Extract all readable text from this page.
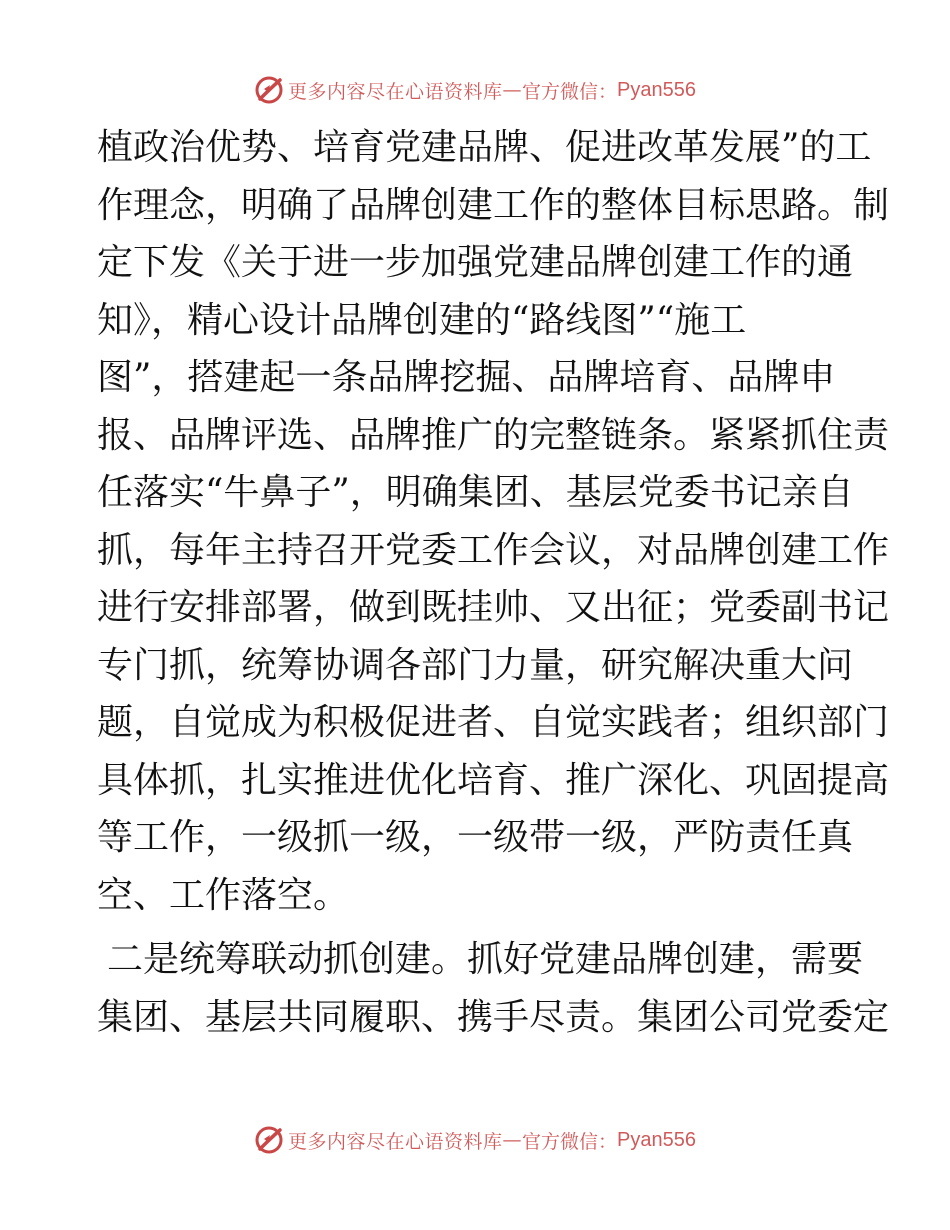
更多内容尽在心语资料库 — 官方微信： Pyan556

植政治优势、培育党建品牌、促进改革发展”的工
作理念，明确了品牌创建工作的整体目标思路。制
定下发《关于进一步加强党建品牌创建工作的通
知》，精心设计品牌创建的“路线图”“施工
图”，搭建起一条品牌挖掘、品牌培育、品牌申
报、品牌评选、品牌推广的完整链条。紧紧抓住责
任落实“牛鼻子”，明确集团、基层党委书记亲自
抓，每年主持召开党委工作会议，对品牌创建工作
进行安排部署，做到既挂帅、又出征；党委副书记
专门抓，统筹协调各部门力量，研究解决重大问
题，自觉成为积极促进者、自觉实践者；组织部门
具体抓，扎实推进优化培育、推广深化、巩固提高
等工作，一级抓一级，一级带一级，严防责任真
空、工作落空。

二是统筹联动抓创建。抓好党建品牌创建，需要
集团、基层共同履职、携手尽责。集团公司党委定

更多内容尽在心语资料库 — 官方微信： Pyan556
